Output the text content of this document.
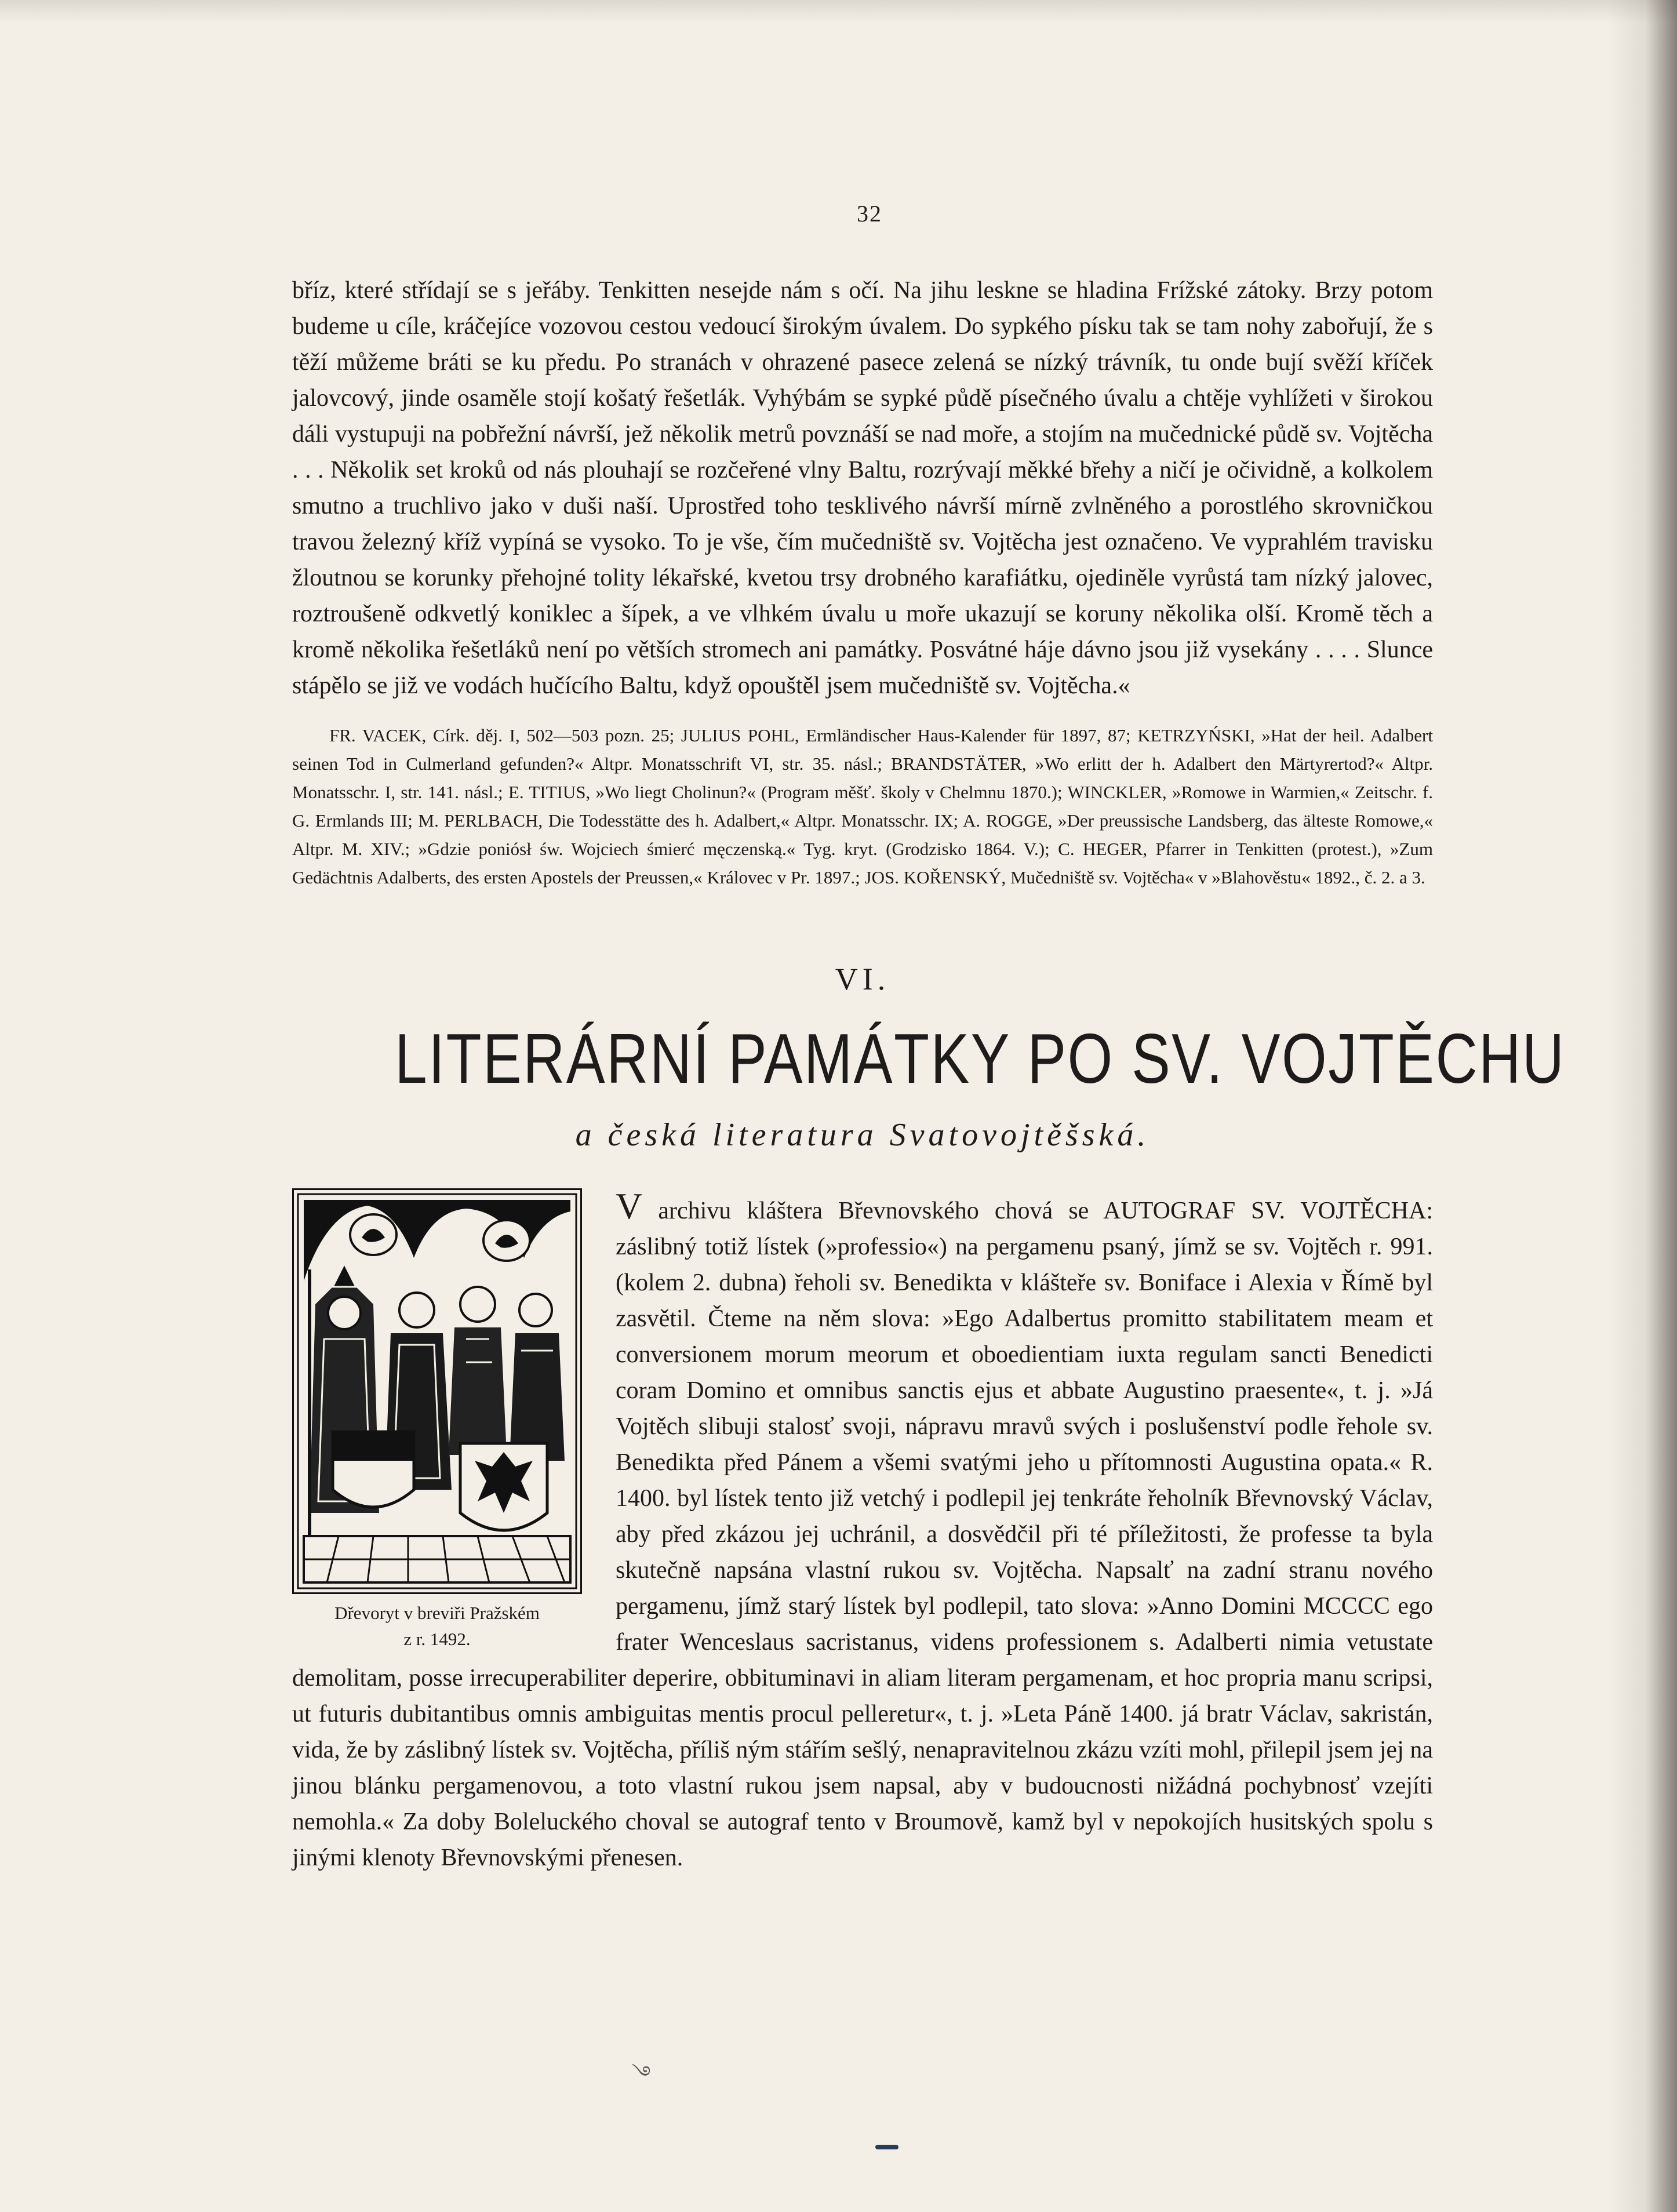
32

bříz, které střídají se s jeřáby. Tenkitten nesejde nám s očí. Na jihu leskne se hladina Frížské zátoky. Brzy potom budeme u cíle, kráčejíce vozovou cestou vedoucí širokým úvalem. Do sypkého písku tak se tam nohy zabořují, že s těží můžeme bráti se ku předu. Po stranách v ohrazené pasece zelená se nízký trávník, tu onde bují svěží kříček jalovcový, jinde osaměle stojí košatý řešetlák. Vyhýbám se sypké půdě písečného úvalu a chtěje vyhlížeti v širokou dáli vystupuji na pobřežní návrší, jež několik metrů povznáší se nad moře, a stojím na mučednické půdě sv. Vojtěcha . . . Několik set kroků od nás plouhají se rozčeřené vlny Baltu, rozrývají měkké břehy a ničí je očividně, a kolkolem smutno a truchlivo jako v duši naší. Uprostřed toho tesklivého návrší mírně zvlněného a porostlého skrovničkou travou železný kříž vypíná se vysoko. To je vše, čím mučedniště sv. Vojtěcha jest označeno. Ve vyprahlém travisku žloutnou se korunky přehojné tolity lékařské, kvetou trsy drobného karafiátku, ojediněle vyrůstá tam nízký jalovec, roztroušeně odkvetlý koniklec a šípek, a ve vlhkém úvalu u moře ukazují se koruny několika olší. Kromě těch a kromě několika řešetláků není po větších stromech ani památky. Posvátné háje dávno jsou již vysekány . . . . Slunce stápělo se již ve vodách hučícího Baltu, když opouštěl jsem mučedniště sv. Vojtěcha.«

FR. VACEK, Círk. děj. I, 502—503 pozn. 25; JULIUS POHL, Ermländischer Haus-Kalender für 1897, 87; KETRZYŃSKI, »Hat der heil. Adalbert seinen Tod in Culmerland gefunden?« Altpr. Monatsschrift VI, str. 35. násl.; BRANDSTÄTER, »Wo erlitt der h. Adalbert den Märtyrertod?« Altpr. Monatsschr. I, str. 141. násl.; E. TITIUS, »Wo liegt Cholinun?« (Program měšť. školy v Chelmnu 1870.); WINCKLER, »Romowe in Warmien,« Zeitschr. f. G. Ermlands III; M. PERLBACH, Die Todesstätte des h. Adalbert,« Altpr. Monatsschr. IX; A. ROGGE, »Der preussische Landsberg, das älteste Romowe,« Altpr. M. XIV.; »Gdzie poniósł św. Wojciech śmierć męczenską.« Tyg. kryt. (Grodzisko 1864. V.); C. HEGER, Pfarrer in Tenkitten (protest.), »Zum Gedächtnis Adalberts, des ersten Apostels der Preussen,« Královec v Pr. 1897.; JOS. KOŘENSKÝ, Mučedniště sv. Vojtěcha« v »Blahověstu« 1892., č. 2. a 3.

VI.
LITERÁRNÍ PAMÁTKY PO SV. VOJTĚCHU
a česká literatura Svatovojtěšská.
Dřevoryt v breviři Pražském
z r. 1492.

V archivu kláštera Břevnovského chová se AUTOGRAF SV. VOJTĚCHA: záslibný totiž lístek (»professio«) na pergamenu psaný, jímž se sv. Vojtěch r. 991. (kolem 2. dubna) řeholi sv. Benedikta v klášteře sv. Boniface i Alexia v Římě byl zasvětil. Čteme na něm slova: »Ego Adalbertus promitto stabilitatem meam et conversionem morum meorum et oboedientiam iuxta regulam sancti Benedicti coram Domino et omnibus sanctis ejus et abbate Augustino praesente«, t. j. »Já Vojtěch slibuji stalosť svoji, nápravu mravů svých i poslušenství podle řehole sv. Benedikta před Pánem a všemi svatými jeho u přítomnosti Augustina opata.« R. 1400. byl lístek tento již vetchý i podlepil jej tenkráte řeholník Břevnovský Václav, aby před zkázou jej uchránil, a dosvědčil při té příležitosti, že professe ta byla skutečně napsána vlastní rukou sv. Vojtěcha. Napsalť na zadní stranu nového pergamenu, jímž starý lístek byl podlepil, tato slova: »Anno Domini MCCCC ego frater Wenceslaus sacristanus, videns professionem s. Adalberti nimia vetustate demolitam, posse irrecuperabiliter deperire, obbituminavi in aliam literam pergamenam, et hoc propria manu scripsi, ut futuris dubitantibus omnis ambiguitas mentis procul pelleretur«, t. j. »Leta Páně 1400. já bratr Václav, sakristán, vida, že by záslibný lístek sv. Vojtěcha, příliš ným stářím sešlý, nenapravitelnou zkázu vzíti mohl, přilepil jsem jej na jinou blánku pergamenovou, a toto vlastní rukou jsem napsal, aby v budoucnosti nižádná pochybnosť vzejíti nemohla.« Za doby Boleluckého choval se autograf tento v Broumově, kamž byl v nepokojích husitských spolu s jinými klenoty Břevnovskými přenesen.

࿓
